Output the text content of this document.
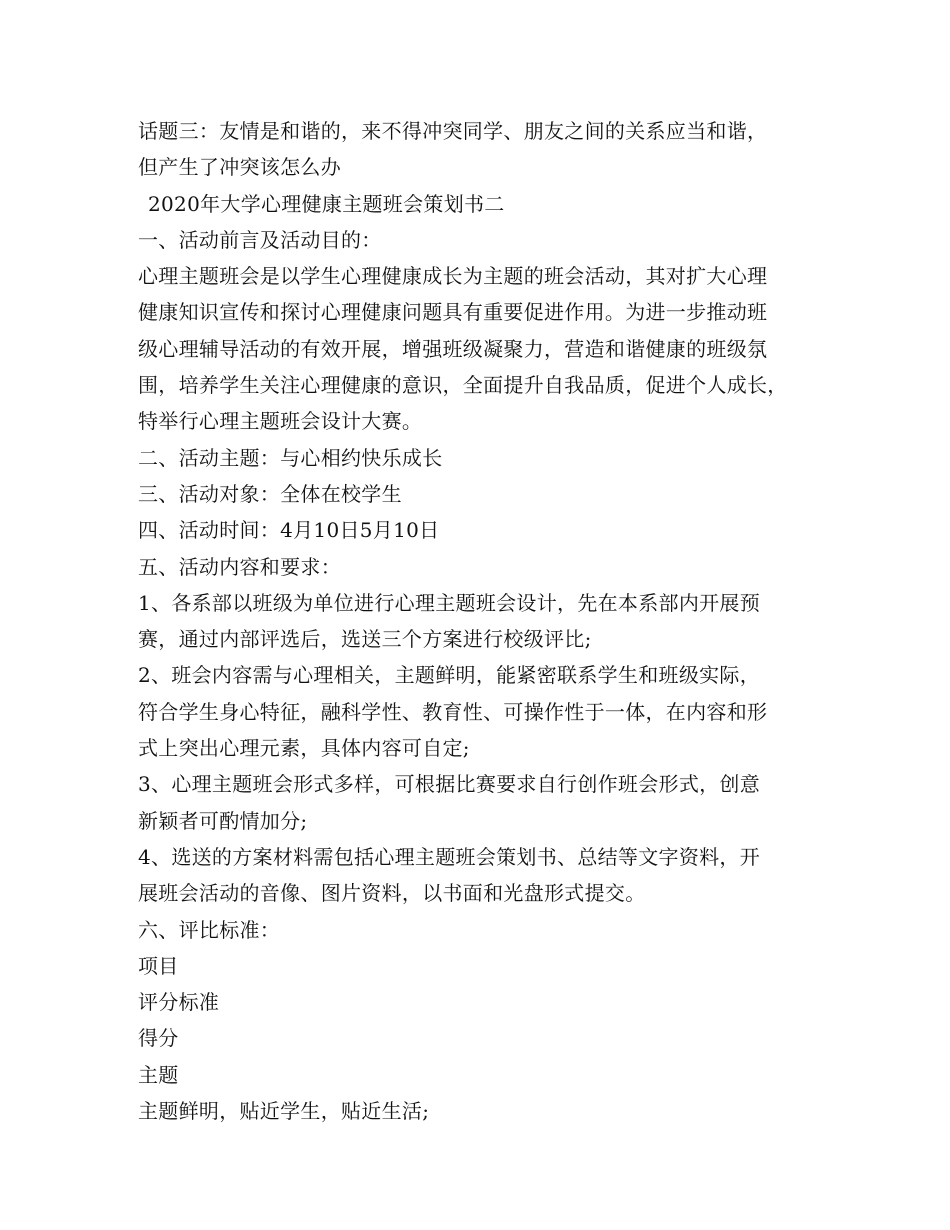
话题三：友情是和谐的，来不得冲突同学、朋友之间的关系应当和谐，

但产生了冲突该怎么办

2020年大学心理健康主题班会策划书二

一、活动前言及活动目的：

心理主题班会是以学生心理健康成长为主题的班会活动，其对扩大心理

健康知识宣传和探讨心理健康问题具有重要促进作用。为进一步推动班

级心理辅导活动的有效开展，增强班级凝聚力，营造和谐健康的班级氛

围，培养学生关注心理健康的意识，全面提升自我品质，促进个人成长，

特举行心理主题班会设计大赛。

二、活动主题：与心相约快乐成长

三、活动对象：全体在校学生

四、活动时间：4月10日5月10日

五、活动内容和要求：

1、各系部以班级为单位进行心理主题班会设计，先在本系部内开展预

赛，通过内部评选后，选送三个方案进行校级评比;

2、班会内容需与心理相关，主题鲜明，能紧密联系学生和班级实际，

符合学生身心特征，融科学性、教育性、可操作性于一体，在内容和形

式上突出心理元素，具体内容可自定;

3、心理主题班会形式多样，可根据比赛要求自行创作班会形式，创意

新颖者可酌情加分;

4、选送的方案材料需包括心理主题班会策划书、总结等文字资料，开

展班会活动的音像、图片资料，以书面和光盘形式提交。

六、评比标准：

项目

评分标准

得分

主题

主题鲜明，贴近学生，贴近生活;
